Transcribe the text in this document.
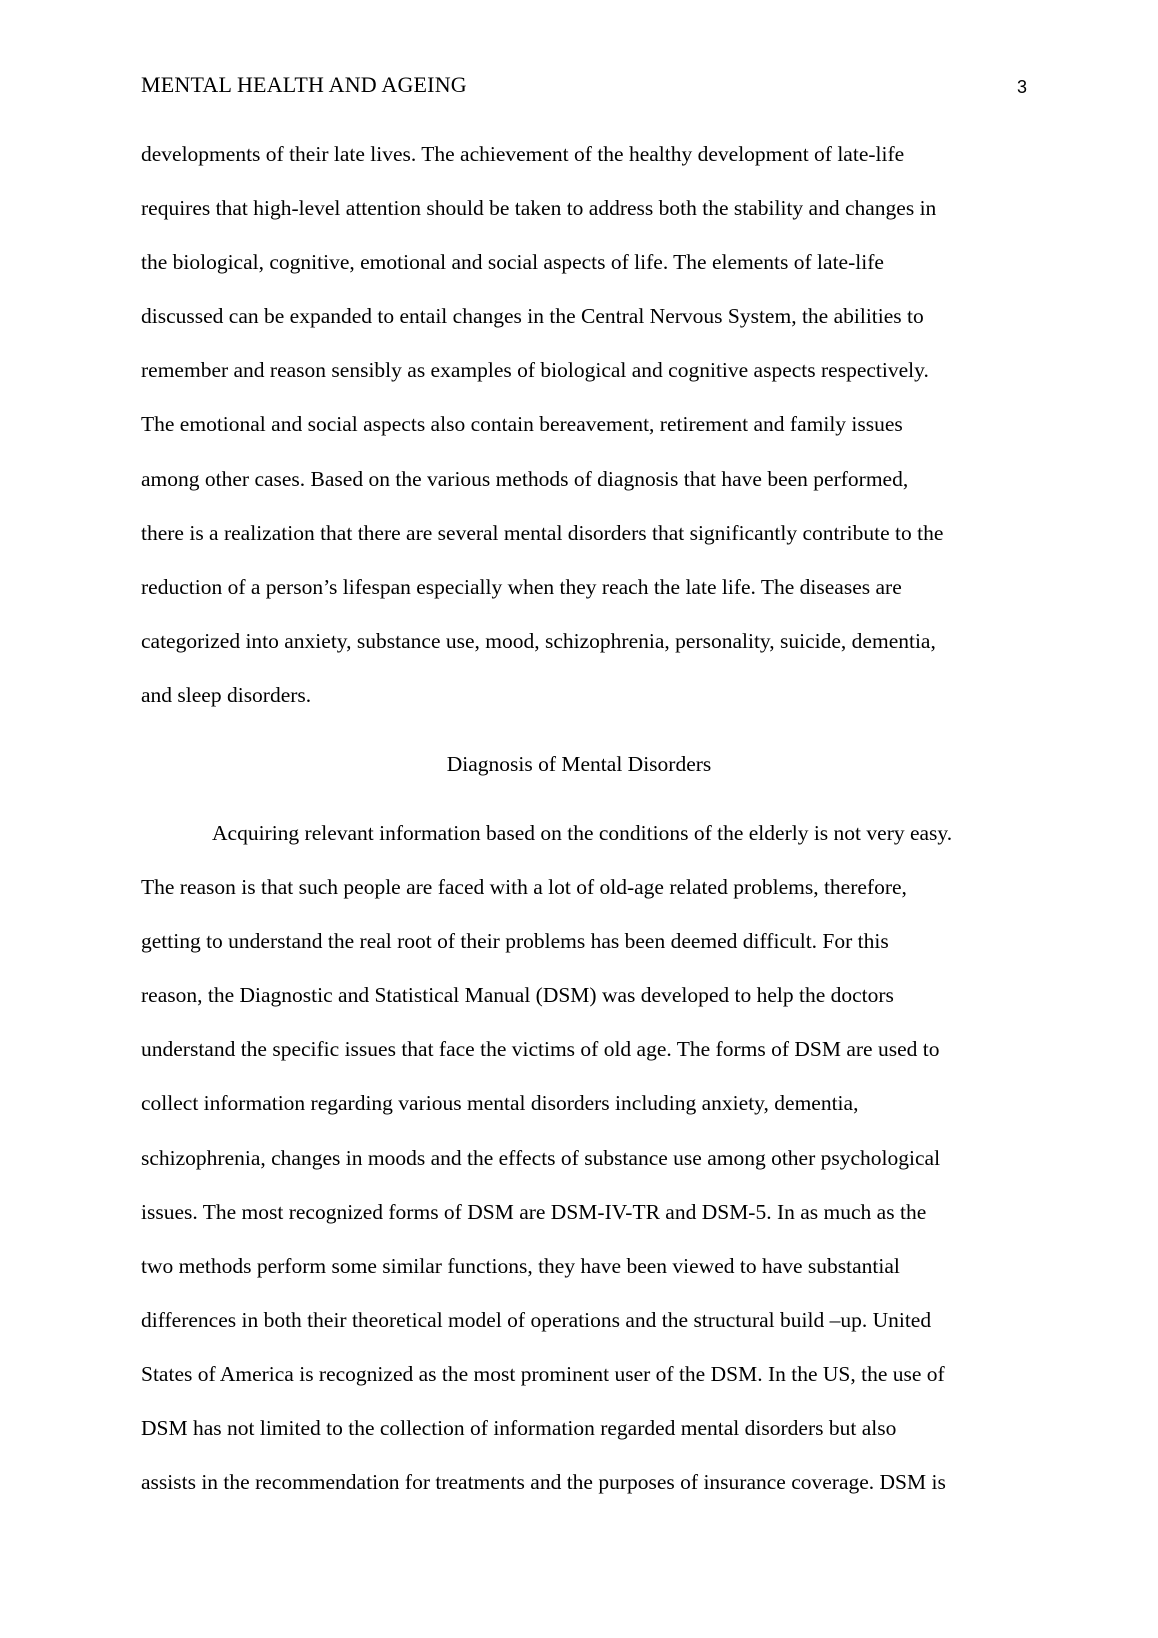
MENTAL HEALTH AND AGEING	3
developments of their late lives. The achievement of the healthy development of late-life
requires that high-level attention should be taken to address both the stability and changes in
the biological, cognitive, emotional and social aspects of life. The elements of late-life
discussed can be expanded to entail changes in the Central Nervous System, the abilities to
remember and reason sensibly as examples of biological and cognitive aspects respectively.
The emotional and social aspects also contain bereavement, retirement and family issues
among other cases. Based on the various methods of diagnosis that have been performed,
there is a realization that there are several mental disorders that significantly contribute to the
reduction of a person’s lifespan especially when they reach the late life. The diseases are
categorized into anxiety, substance use, mood, schizophrenia, personality, suicide, dementia,
and sleep disorders.
Diagnosis of Mental Disorders
Acquiring relevant information based on the conditions of the elderly is not very easy.
The reason is that such people are faced with a lot of old-age related problems, therefore,
getting to understand the real root of their problems has been deemed difficult. For this
reason, the Diagnostic and Statistical Manual (DSM) was developed to help the doctors
understand the specific issues that face the victims of old age. The forms of DSM are used to
collect information regarding various mental disorders including anxiety, dementia,
schizophrenia, changes in moods and the effects of substance use among other psychological
issues. The most recognized forms of DSM are DSM-IV-TR and DSM-5. In as much as the
two methods perform some similar functions, they have been viewed to have substantial
differences in both their theoretical model of operations and the structural build –up. United
States of America is recognized as the most prominent user of the DSM. In the US, the use of
DSM has not limited to the collection of information regarded mental disorders but also
assists in the recommendation for treatments and the purposes of insurance coverage. DSM is
